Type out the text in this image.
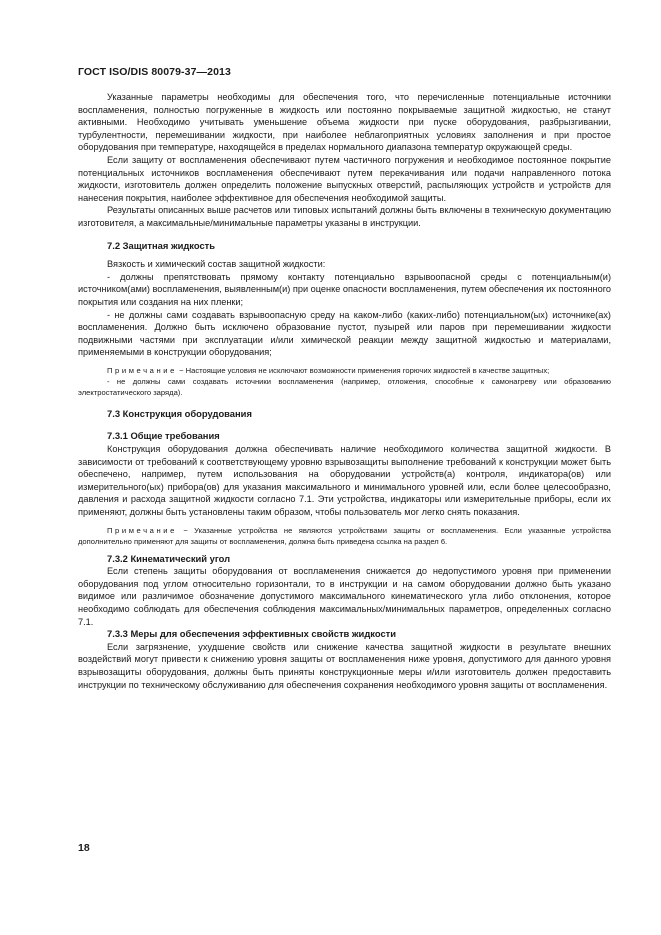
ГОСТ ISO/DIS 80079-37—2013

Указанные параметры необходимы для обеспечения того, что перечисленные потенциальные источники воспламенения, полностью погруженные в жидкость или постоянно покрываемые защитной жидкостью, не станут активными. Необходимо учитывать уменьшение объема жидкости при пуске оборудования, разбрызгивании, турбулентности, перемешивании жидкости, при наиболее неблагоприятных условиях заполнения и при простое оборудования при температуре, находящейся в пределах нормального диапазона температур окружающей среды.

Если защиту от воспламенения обеспечивают путем частичного погружения и необходимое постоянное покрытие потенциальных источников воспламенения обеспечивают путем перекачивания или подачи направленного потока жидкости, изготовитель должен определить положение выпускных отверстий, распыляющих устройств и устройств для нанесения покрытия, наиболее эффективное для обеспечения необходимой защиты.

Результаты описанных выше расчетов или типовых испытаний должны быть включены в техническую документацию изготовителя, а максимальные/минимальные параметры указаны в инструкции.

7.2 Защитная жидкость

Вязкость и химический состав защитной жидкости:

- должны препятствовать прямому контакту потенциально взрывоопасной среды с потенциальным(и) источником(ами) воспламенения, выявленным(и) при оценке опасности воспламенения, путем обеспечения их постоянного покрытия или создания на них пленки;

- не должны сами создавать взрывоопасную среду на каком-либо (каких-либо) потенциальном(ых) источнике(ах) воспламенения. Должно быть исключено образование пустот, пузырей или паров при перемешивании жидкости подвижными частями при эксплуатации и/или химической реакции между защитной жидкостью и материалами, применяемыми в конструкции оборудования;

Примечание − Настоящие условия не исключают возможности применения горючих жидкостей в качестве защитных;

- не должны сами создавать источники воспламенения (например, отложения, способные к самонагреву или образованию электростатического заряда).

7.3 Конструкция оборудования
7.3.1 Общие требования

Конструкция оборудования должна обеспечивать наличие необходимого количества защитной жидкости. В зависимости от требований к соответствующему уровню взрывозащиты выполнение требований к конструкции может быть обеспечено, например, путем использования на оборудовании устройств(а) контроля, индикатора(ов) или измерительного(ых) прибора(ов) для указания максимального и минимального уровней или, если более целесообразно, давления и расхода защитной жидкости согласно 7.1. Эти устройства, индикаторы или измерительные приборы, если их применяют, должны быть установлены таким образом, чтобы пользователь мог легко снять показания.

Примечание − Указанные устройства не являются устройствами защиты от воспламенения. Если указанные устройства дополнительно применяют для защиты от воспламенения, должна быть приведена ссылка на раздел 6.

7.3.2 Кинематический угол

Если степень защиты оборудования от воспламенения снижается до недопустимого уровня при применении оборудования под углом относительно горизонтали, то в инструкции и на самом оборудовании должно быть указано видимое или различимое обозначение допустимого максимального кинематического угла либо отклонения, которое необходимо соблюдать для обеспечения соблюдения максимальных/минимальных параметров, определенных согласно 7.1.

7.3.3 Меры для обеспечения эффективных свойств жидкости

Если загрязнение, ухудшение свойств или снижение качества защитной жидкости в результате внешних воздействий могут привести к снижению уровня защиты от воспламенения ниже уровня, допустимого для данного уровня взрывозащиты оборудования, должны быть приняты конструкционные меры и/или изготовитель должен предоставить инструкции по техническому обслуживанию для обеспечения сохранения необходимого уровня защиты от воспламенения.

18
